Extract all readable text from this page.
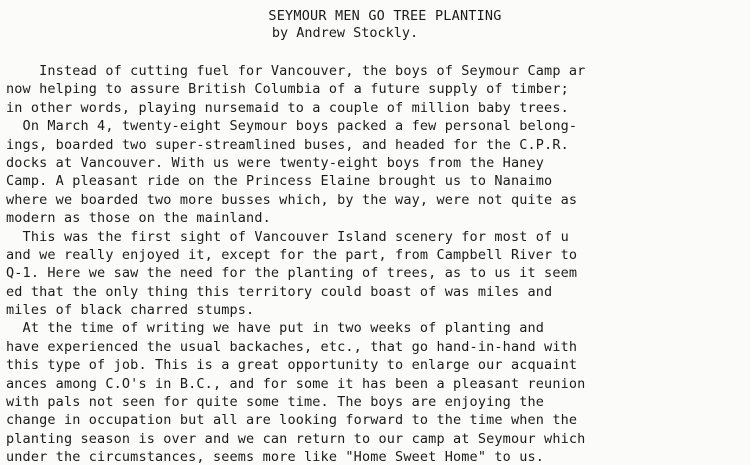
SEYMOUR MEN GO TREE PLANTING
by Andrew Stockly.
Instead of cutting fuel for Vancouver, the boys of Seymour Camp ar
now helping to assure British Columbia of a future supply of timber;
in other words, playing nursemaid to a couple of million baby trees.
On March 4, twenty-eight Seymour boys packed a few personal belong-
ings, boarded two super-streamlined buses, and headed for the C.P.R.
docks at Vancouver. With us were twenty-eight boys from the Haney
Camp. A pleasant ride on the Princess Elaine brought us to Nanaimo
where we boarded two more busses which, by the way, were not quite as
modern as those on the mainland.
This was the first sight of Vancouver Island scenery for most of u
and we really enjoyed it, except for the part, from Campbell River to
Q-1. Here we saw the need for the planting of trees, as to us it seem
ed that the only thing this territory could boast of was miles and
miles of black charred stumps.
At the time of writing we have put in two weeks of planting and
have experienced the usual backaches, etc., that go hand-in-hand with
this type of job. This is a great opportunity to enlarge our acquaint
ances among C.O's in B.C., and for some it has been a pleasant reunion
with pals not seen for quite some time. The boys are enjoying the
change in occupation but all are looking forward to the time when the
planting season is over and we can return to our camp at Seymour which
under the circumstances, seems more like "Home Sweet Home" to us.
